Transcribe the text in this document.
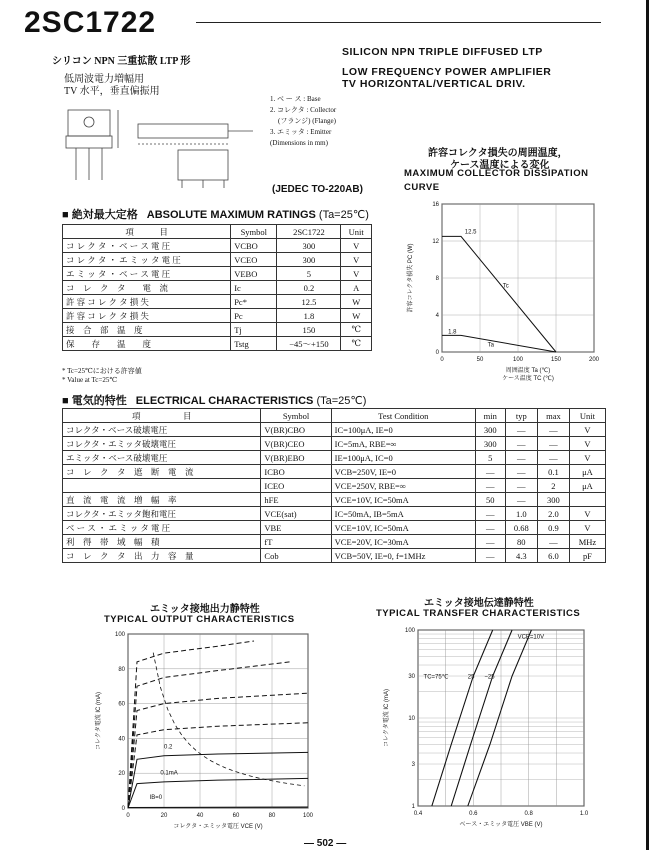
2SC1722
シリコン NPN 三重拡散 LTP 形
低周波電力増幅用
TV 水平，垂直偏振用
SILICON NPN TRIPLE DIFFUSED LTP
LOW FREQUENCY POWER AMPLIFIER
TV HORIZONTAL/VERTICAL DRIV.
1. ベ ー ス : Base
2. コレクタ : Collector
(フランジ) (Flange)
3. エミッタ : Emitter
(Dimensions in mm)
(JEDEC TO-220AB)
許容コレクタ損失の周囲温度，
ケース温度による変化
MAXIMUM COLLECTOR DISSIPATION
CURVE
0	50	100	150	200
0
4
8
12
16
12.5
1.8
Tc
Ta
許容コレクタ損失 PC (W)
周囲温度 Ta (℃)
ケース温度 TC (℃)
■ 絶対最大定格 ABSOLUTE MAXIMUM RATINGS (Ta=25℃)
項　　　目	Symbol	2SC1722	Unit
コ レ ク タ ・ ベ ー ス 電 圧	VCBO	300	V
コ レ ク タ ・ エ ミ ッ タ 電 圧	VCEO	300	V
エ ミ ッ タ ・ ベ ー ス 電 圧	VEBO	5	V
コ　レ　ク　タ　　電　流	Ic	0.2	A
許 容 コ レ ク タ 損 失	Pc*	12.5	W
許 容 コ レ ク タ 損 失	Pc	1.8	W
接　合　部　温　度	Tj	150	℃
保　　存　　温　　度	Tstg	−45〜+150	℃
* Tc=25℃における許容値
* Value at Tc=25℃
■ 電気的特性 ELECTRICAL CHARACTERISTICS (Ta=25℃)
項　　　　　目	Symbol	Test Condition	min	typ	max	Unit
コレクタ・ベース破壊電圧	V(BR)CBO	IC=100μA, IE=0	300	—	—	V
コレクタ・エミッタ破壊電圧	V(BR)CEO	IC=5mA, RBE=∞	300	—	—	V
エミッタ・ベース破壊電圧	V(BR)EBO	IE=100μA, IC=0	5	—	—	V
コ　レ　ク　タ　遮　断　電　流	ICBO	VCB=250V, IE=0	—	—	0.1	μA
	ICEO	VCE=250V, RBE=∞	—	—	2	μA
直　流　電　流　増　幅　率	hFE	VCE=10V, IC=50mA	50	—	300	
コレクタ・エミッタ飽和電圧	VCE(sat)	IC=50mA, IB=5mA	—	1.0	2.0	V
ベ ー ス ・ エ ミ ッ タ 電 圧	VBE	VCE=10V, IC=50mA	—	0.68	0.9	V
利　得　帯　域　幅　積	fT	VCE=20V, IC=30mA	—	80	—	MHz
コ　レ　ク　タ　出　力　容　量	Cob	VCB=50V, IE=0, f=1MHz	—	4.3	6.0	pF
エミッタ接地出力静特性
TYPICAL OUTPUT CHARACTERISTICS
0	20	40	60	80	100
0
20
40
60
80
100
0.2
0.1mA
IB=0
コレクタ電流 IC (mA)
コレクタ・エミッタ電圧 VCE (V)
エミッタ接地伝達静特性
TYPICAL TRANSFER CHARACTERISTICS
0.4	0.6	0.8	1.0
1
3
10
30
100
VCE=10V
TC=75℃	25 −25
コレクタ電流 IC (mA)
ベース・エミッタ電圧 VBE (V)
— 502 —
